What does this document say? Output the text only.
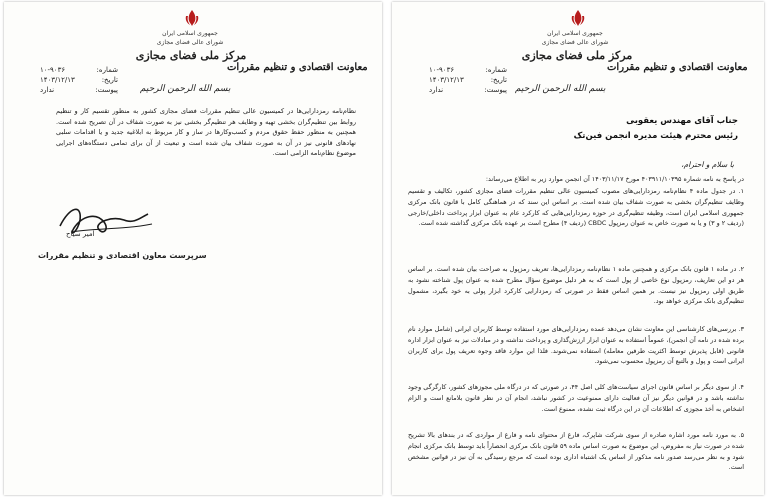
جمهوری اسلامی ایران
شورای عالی فضای مجازی
مرکز ملی فضای مجازی
معاونت اقتصادی و تنظیم مقررات
شماره:
۱۰-۹۰۳۶
تاریخ:
۱۴۰۳/۱۲/۱۳
پیوست:
ندارد	بسم الله الرحمن الرحیم
نظام‌نامه رمزدارایی‌ها در کمیسیون عالی تنظیم مقررات فضای مجازی کشور به منظور تقسیم کار و تنظیم روابط بین تنظیم‌گران بخشی تهیه و وظایف هر تنظیم‌گر بخشی نیز به صورت شفاف در آن تصریح شده است. همچنین به منظور حفظ حقوق مردم و کسب‌وکارها در ساز و کار مربوط به ابلاغیه جدید و یا اقدامات سلبی نهادهای قانونی نیز در آن به صورت شفاف بیان شده است و تبعیت از آن برای تمامی دستگاه‌های اجرایی موضوع نظام‌نامه الزامی است.
امیر سیاح
سرپرست معاون اقتصادی و تنظیم مقررات
جمهوری اسلامی ایران
شورای عالی فضای مجازی
مرکز ملی فضای مجازی
معاونت اقتصادی و تنظیم مقررات
شماره:
۱۰-۹۰۳۶
تاریخ:
۱۴۰۳/۱۲/۱۳
پیوست:
ندارد	بسم الله الرحمن الرحیم
جناب آقای مهندس یعقوبی
رئیس محترم هیئت مدیره انجمن فین‌تک
با سلام و احترام،
در پاسخ به نامه شماره ۴۰۳۹۱۱/۱۰۳۹۵ مورخ ۱۴۰۳/۱۱/۱۷ آن انجمن موارد زیر به اطلاع می‌رساند:
۱. در جدول ماده ۴ نظام‌نامه رمزدارایی‌های مصوب کمیسیون عالی تنظیم مقررات فضای مجازی کشور، تکالیف و تقسیم وظایف تنظیم‌گران بخشی به صورت شفاف بیان شده است. بر اساس این سند که در هماهنگی کامل با قانون بانک مرکزی جمهوری اسلامی ایران است، وظیفه تنظیم‌گری در حوزه رمزدارایی‌هایی که کارکرد عام به عنوان ابزار پرداخت داخلی/خارجی (ردیف ۲ و ۳) و یا به صورت خاص به عنوان رمزپول CBDC (ردیف ۴) مطرح است بر عهده بانک مرکزی گذاشته شده است.
۲. در ماده ۱ قانون بانک مرکزی و همچنین ماده ۱ نظام‌نامه رمزدارایی‌ها، تعریف رمزپول به صراحت بیان شده است. بر اساس هر دو این تعاریف، رمزپول نوع خاصی از پول است که به هر دلیل موضوع سؤال مطرح شده به عنوان پول شناخته نشود به طریق اولی رمزپول نیز نیست. بر همین اساس فقط در صورتی که رمزدارایی کارکرد ابزار پولی به خود بگیرد، مشمول تنظیم‌گری بانک مرکزی خواهد بود.
۳. بررسی‌های کارشناسی این معاونت نشان می‌دهد عمده رمزدارایی‌های مورد استفاده توسط کاربران ایرانی (شامل موارد نام برده شده در نامه آن انجمن)، عموماً استفاده به عنوان ابزار ارزش‌گذاری و پرداخت نداشته و در مبادلات نیز به عنوان ابزار اداره قانونی (قابل پذیرش توسط اکثریت طرفین معامله) استفاده نمی‌شوند. فلذا این موارد فاقد وجوه تعریف پول برای کاربران ایرانی است و پول و بالتبع آن رمزپول محسوب نمی‌شود.
۴. از سوی دیگر بر اساس قانون اجرای سیاست‌های کلی اصل ۴۴، در صورتی که در درگاه ملی مجوزهای کشور، کارگرگی وجود نداشته باشد و در قوانین دیگر نیز آن فعالیت دارای ممنوعیت در کشور نباشد، انجام آن در نظر قانون بلامانع است و الزام اشخاص به أخذ مجوزی که اطلاعات آن در این درگاه ثبت نشده، ممنوع است.
۵. به مورد نامه مورد اشاره صادره از سوی شرکت شاپرک، فارغ از محتوای نامه و فارغ از مواردی که در بندهای بالا تشریح شده در صورت نیاز به مفروض، این موضوع به صورت اساس ماده ۵۹ قانون بانک مرکزی انحصاراً باید توسط بانک مرکزی انجام شود و به نظر می‌رسد صدور نامه مذکور از اساس یک اشتباه اداری بوده است که مرجع رسیدگی به آن نیز در قوانین مشخص است.
